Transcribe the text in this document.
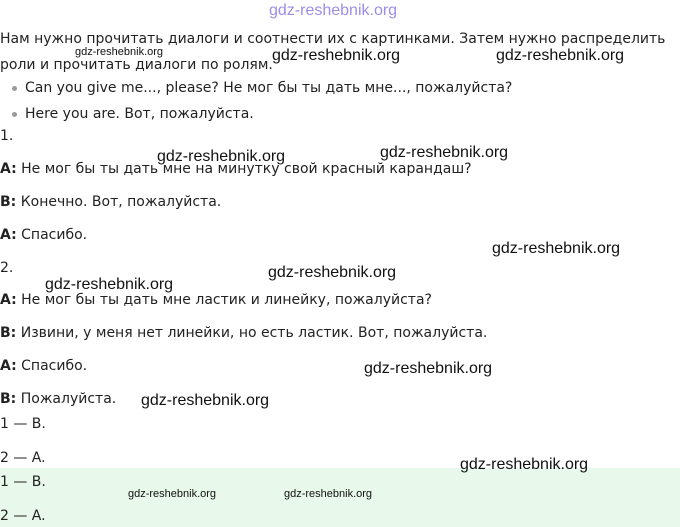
gdz-reshebnik.org
Нам нужно прочитать диалоги и соотнести их с картинками. Затем нужно распределить
роли и прочитать диалоги по ролям.
Can you give me..., please? Не мог бы ты дать мне..., пожалуйста?
Here you are. Вот, пожалуйста.
1.
A: Не мог бы ты дать мне на минутку свой красный карандаш?
B: Конечно. Вот, пожалуйста.
A: Спасибо.
2.
A: Не мог бы ты дать мне ластик и линейку, пожалуйста?
B: Извини, у меня нет линейки, но есть ластик. Вот, пожалуйста.
A: Спасибо.
B: Пожалуйста.
1 — B.
2 — A.
1 — B.
2 — A.
gdz-reshebnik.org	gdz-reshebnik.org	gdz-reshebnik.org
gdz-reshebnik.org	gdz-reshebnik.org
gdz-reshebnik.org
gdz-reshebnik.org
gdz-reshebnik.org
gdz-reshebnik.org
gdz-reshebnik.org
gdz-reshebnik.org
gdz-reshebnik.org	gdz-reshebnik.org
